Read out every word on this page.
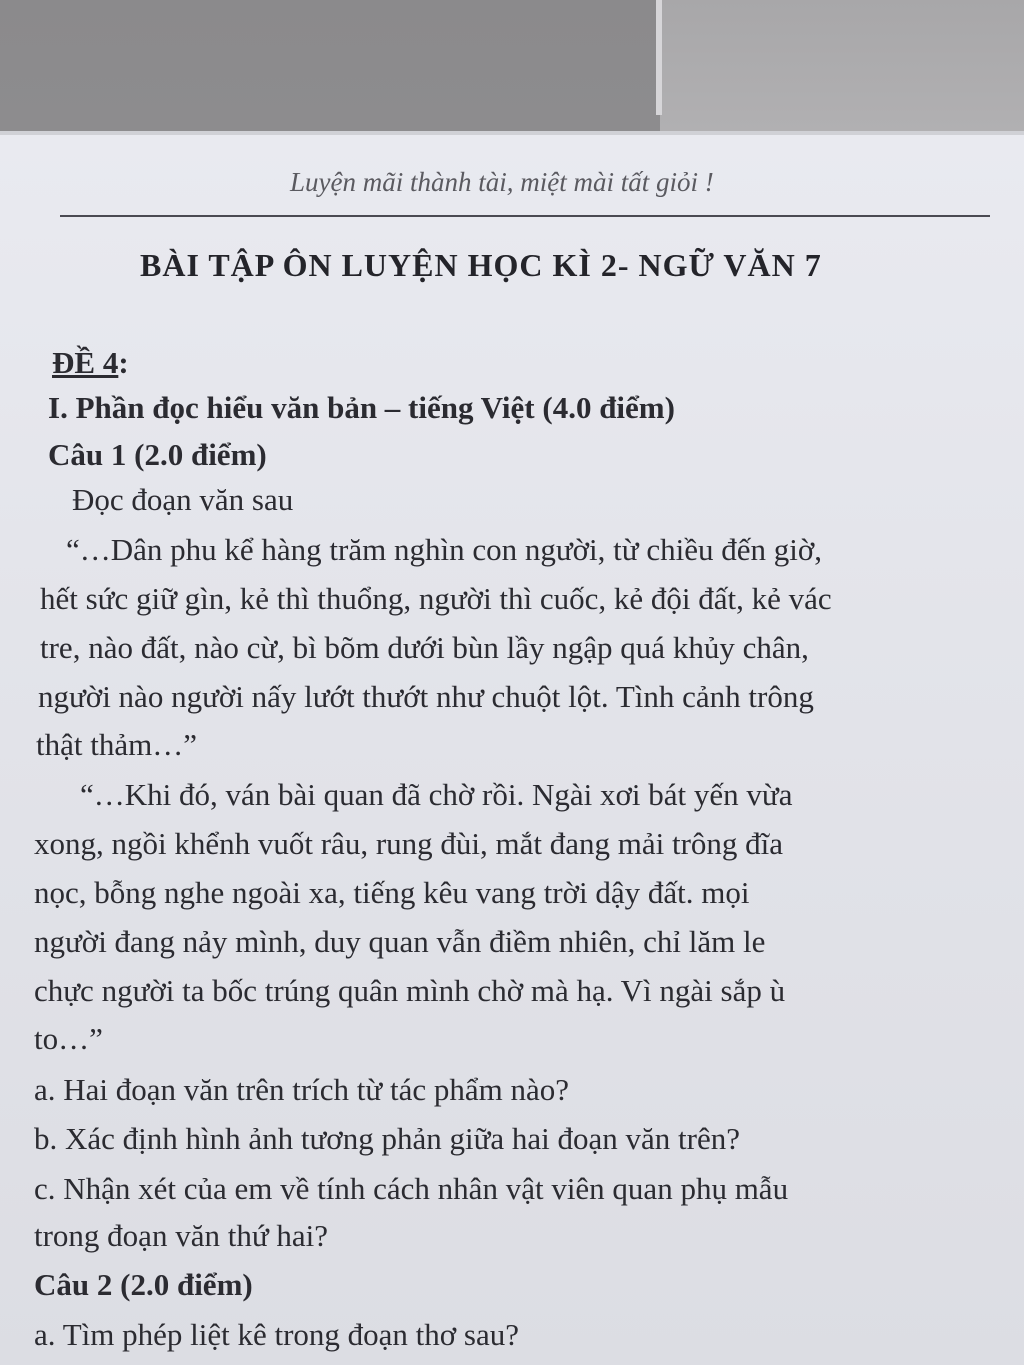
Luyện mãi thành tài, miệt mài tất giỏi !
BÀI TẬP ÔN LUYỆN HỌC KÌ 2- NGỮ VĂN 7
ĐỀ 4:
I. Phần đọc hiểu văn bản – tiếng Việt (4.0 điểm)
Câu 1 (2.0 điểm)
Đọc đoạn văn sau
“…Dân phu kể hàng trăm nghìn con người, từ chiều đến giờ,
hết sức giữ gìn, kẻ thì thuổng, người thì cuốc, kẻ đội đất, kẻ vác
tre, nào đất, nào cừ, bì bõm dưới bùn lầy ngập quá khủy chân,
người nào người nấy lướt thướt như chuột lột. Tình cảnh trông
thật thảm…”
“…Khi đó, ván bài quan đã chờ rồi. Ngài xơi bát yến vừa
xong, ngồi khểnh vuốt râu, rung đùi, mắt đang mải trông đĩa
nọc, bỗng nghe ngoài xa, tiếng kêu vang trời dậy đất. mọi
người đang nảy mình, duy quan vẫn điềm nhiên, chỉ lăm le
chực người ta bốc trúng quân mình chờ mà hạ. Vì ngài sắp ù
to…”
a. Hai đoạn văn trên trích từ tác phẩm nào?
b. Xác định hình ảnh tương phản giữa hai đoạn văn trên?
c. Nhận xét của em về tính cách nhân vật viên quan phụ mẫu
trong đoạn văn thứ hai?
Câu 2 (2.0 điểm)
a. Tìm phép liệt kê trong đoạn thơ sau?
